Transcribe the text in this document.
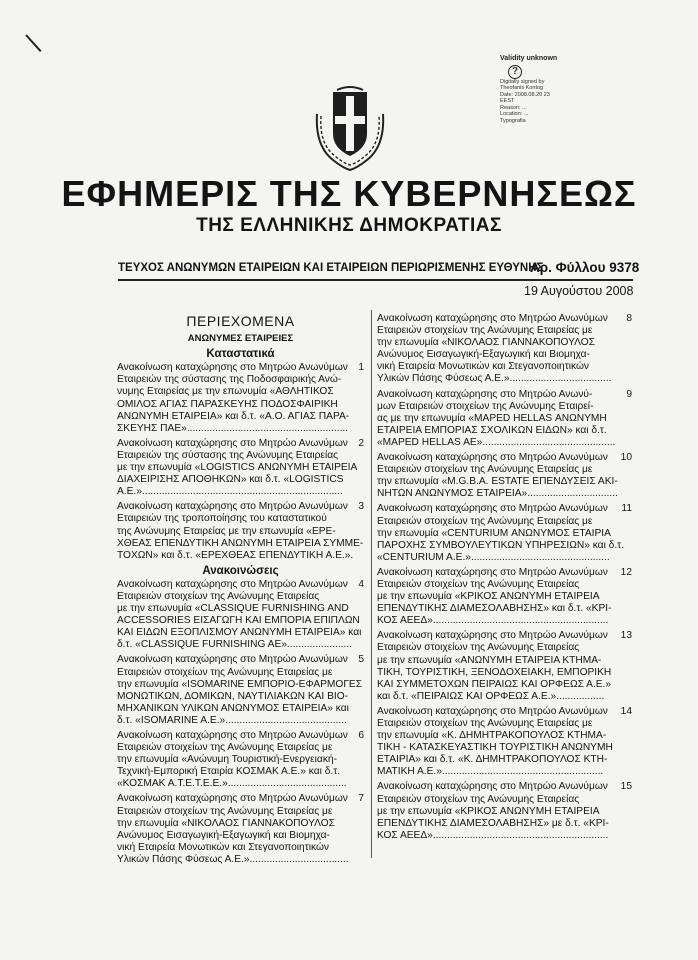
Validity unknown
?
Digitally signed by
Theofanis Kontog
Date: 2008.08.20 23
EEST
Reason: ...
Location: ...
Typografia
ΕΦΗΜΕΡΙΣ ΤΗΣ ΚΥΒΕΡΝΗΣΕΩΣ
ΤΗΣ ΕΛΛΗΝΙΚΗΣ ΔΗΜΟΚΡΑΤΙΑΣ
ΤΕΥΧΟΣ ΑΝΩΝΥΜΩΝ ΕΤΑΙΡΕΙΩΝ ΚΑΙ ΕΤΑΙΡΕΙΩΝ ΠΕΡΙΩΡΙΣΜΕΝΗΣ ΕΥΘΥΝΗΣ
Αρ. Φύλλου 9378
19 Αυγούστου 2008
ΠΕΡΙΕΧΟΜΕΝΑ
ΑΝΩΝΥΜΕΣ ΕΤΑΙΡΕΙΕΣ
Καταστατικά
1
Ανακοίνωση καταχώρησης στο Μητρώο Ανωνύμων
Εταιρειών της σύστασης της Ποδοσφαιρικής Ανώ-
νυμης Εταιρείας με την επωνυμία «ΑΘΛΗΤΙΚΟΣ
ΟΜΙΛΟΣ ΑΓΙΑΣ ΠΑΡΑΣΚΕΥΗΣ ΠΟΔΟΣΦΑΙΡΙΚΗ
ΑΝΩΝΥΜΗ ΕΤΑΙΡΕΙΑ» και δ.τ. «Α.Ο. ΑΓΙΑΣ ΠΑΡΑ-
ΣΚΕΥΗΣ ΠΑΕ».........................................................
2
Ανακοίνωση καταχώρησης στο Μητρώο Ανωνύμων
Εταιρειών της σύστασης της Ανώνυμης Εταιρείας
με την επωνυμία «LOGISTICS ΑΝΩΝΥΜΗ ΕΤΑΙΡΕΙΑ
ΔΙΑΧΕΙΡΙΣΗΣ ΑΠΟΘΗΚΩΝ» και δ.τ. «LOGISTICS
Α.Ε.».......................................................................
3
Ανακοίνωση καταχώρησης στο Μητρώο Ανωνύμων
Εταιρειών της τροποποίησης του καταστατικού
της Ανώνυμης Εταιρείας με την επωνυμία «ΕΡΕ-
ΧΘΕΑΣ ΕΠΕΝΔΥΤΙΚΗ ΑΝΩΝΥΜΗ ΕΤΑΙΡΕΙΑ ΣΥΜΜΕ-
ΤΟΧΩΝ» και δ.τ. «ΕΡΕΧΘΕΑΣ ΕΠΕΝΔΥΤΙΚΗ Α.Ε.».
Ανακοινώσεις
4
Ανακοίνωση καταχώρησης στο Μητρώο Ανωνύμων
Εταιρειών στοιχείων της Ανώνυμης Εταιρείας
με την επωνυμία «CLASSIQUE FURNISHING AND
ACCESSORIES ΕΙΣΑΓΩΓΗ ΚΑΙ ΕΜΠΟΡΙΑ ΕΠΙΠΛΩΝ
ΚΑΙ ΕΙΔΩΝ ΕΞΟΠΛΙΣΜΟΥ ΑΝΩΝΥΜΗ ΕΤΑΙΡΕΙΑ» και
δ.τ. «CLASSIQUE FURNISHING AE».......................
5
Ανακοίνωση καταχώρησης στο Μητρώο Ανωνύμων
Εταιρειών στοιχείων της Ανώνυμης Εταιρείας με
την επωνυμία «ISOMARINE ΕΜΠΟΡΙΟ-ΕΦΑΡΜΟΓΕΣ
ΜΟΝΩΤΙΚΩΝ, ΔΟΜΙΚΩΝ, ΝΑΥΤΙΛΙΑΚΩΝ ΚΑΙ ΒΙΟ-
ΜΗΧΑΝΙΚΩΝ ΥΛΙΚΩΝ ΑΝΩΝΥΜΟΣ ΕΤΑΙΡΕΙΑ» και
δ.τ. «ISOMARINE A.E.»...........................................
6
Ανακοίνωση καταχώρησης στο Μητρώο Ανωνύμων
Εταιρειών στοιχείων της Ανώνυμης Εταιρείας με
την επωνυμία «Ανώνυμη Τουριστική-Ενεργειακή-
Τεχνική-Εμπορική Εταιρία ΚΟΣΜΑΚ Α.Ε.» και δ.τ.
«ΚΟΣΜΑΚ Α.Τ.Ε.Τ.Ε.Ε.»..........................................
7
Ανακοίνωση καταχώρησης στο Μητρώο Ανωνύμων
Εταιρειών στοιχείων της Ανώνυμης Εταιρείας με
την επωνυμία «ΝΙΚΟΛΑΟΣ ΓΙΑΝΝΑΚΟΠΟΥΛΟΣ
Ανώνυμος Εισαγωγική-Εξαγωγική και Βιομηχα-
νική Εταιρεία Μονωτικών και Στεγανοποιητικών
Υλικών Πάσης Φύσεως Α.Ε.»...................................
8
Ανακοίνωση καταχώρησης στο Μητρώο Ανωνύμων
Εταιρειών στοιχείων της Ανώνυμης Εταιρείας με
την επωνυμία «ΝΙΚΟΛΑΟΣ ΓΙΑΝΝΑΚΟΠΟΥΛΟΣ
Ανώνυμος Εισαγωγική-Εξαγωγική και Βιομηχα-
νική Εταιρεία Μονωτικών και Στεγανοποιητικών
Υλικών Πάσης Φύσεως Α.Ε.»....................................
9
Ανακοίνωση καταχώρησης στο Μητρώο Ανωνύ-
μων Εταιρειών στοιχείων της Ανώνυμης Εταιρεί-
ας με την επωνυμία «MAPED HELLAS ΑΝΩΝΥΜΗ
ΕΤΑΙΡΕΙΑ ΕΜΠΟΡΙΑΣ ΣΧΟΛΙΚΩΝ ΕΙΔΩΝ» και δ.τ.
«MAPED HELLAS AE»...............................................
10
Ανακοίνωση καταχώρησης στο Μητρώο Ανωνύμων
Εταιρειών στοιχείων της Ανώνυμης Εταιρείας με
την επωνυμία «M.G.B.A. ESTATE ΕΠΕΝΔΥΣΕΙΣ ΑΚΙ-
ΝΗΤΩΝ ΑΝΩΝΥΜΟΣ ΕΤΑΙΡΕΙΑ»................................
11
Ανακοίνωση καταχώρησης στο Μητρώο Ανωνύμων
Εταιρειών στοιχείων της Ανώνυμης Εταιρείας με
την επωνυμία «CENTURIUM ΑΝΩΝΥΜΟΣ ΕΤΑΙΡΙΑ
ΠΑΡΟΧΗΣ ΣΥΜΒΟΥΛΕΥΤΙΚΩΝ ΥΠΗΡΕΣΙΩΝ» και δ.τ.
«CENTURIUM A.E.».................................................
12
Ανακοίνωση καταχώρησης στο Μητρώο Ανωνύμων
Εταιρειών στοιχείων της Ανώνυμης Εταιρείας
με την επωνυμία «ΚΡΙΚΟΣ ΑΝΩΝΥΜΗ ΕΤΑΙΡΕΙΑ
ΕΠΕΝΔΥΤΙΚΗΣ ΔΙΑΜΕΣΟΛΑΒΗΣΗΣ» και δ.τ. «ΚΡΙ-
ΚΟΣ ΑΕΕΔ»..............................................................
13
Ανακοίνωση καταχώρησης στο Μητρώο Ανωνύμων
Εταιρειών στοιχείων της Ανώνυμης Εταιρείας
με την επωνυμία «ΑΝΩΝΥΜΗ ΕΤΑΙΡΕΙΑ ΚΤΗΜΑ-
ΤΙΚΗ, ΤΟΥΡΙΣΤΙΚΗ, ΞΕΝΟΔΟΧΕΙΑΚΗ, ΕΜΠΟΡΙΚΗ
ΚΑΙ ΣΥΜΜΕΤΟΧΩΝ ΠΕΙΡΑΙΩΣ ΚΑΙ ΟΡΦΕΩΣ Α.Ε.»
και δ.τ. «ΠΕΙΡΑΙΩΣ ΚΑΙ ΟΡΦΕΩΣ Α.Ε.».................
14
Ανακοίνωση καταχώρησης στο Μητρώο Ανωνύμων
Εταιρειών στοιχείων της Ανώνυμης Εταιρείας με
την επωνυμία «Κ. ΔΗΜΗΤΡΑΚΟΠΟΥΛΟΣ ΚΤΗΜΑ-
ΤΙΚΗ - ΚΑΤΑΣΚΕΥΑΣΤΙΚΗ ΤΟΥΡΙΣΤΙΚΗ ΑΝΩΝΥΜΗ
ΕΤΑΙΡΙΑ» και δ.τ. «Κ. ΔΗΜΗΤΡΑΚΟΠΟΥΛΟΣ ΚΤΗ-
ΜΑΤΙΚΗ Α.Ε.».........................................................
15
Ανακοίνωση καταχώρησης στο Μητρώο Ανωνύμων
Εταιρειών στοιχείων της Ανώνυμης Εταιρείας
με την επωνυμία «ΚΡΙΚΟΣ ΑΝΩΝΥΜΗ ΕΤΑΙΡΕΙΑ
ΕΠΕΝΔΥΤΙΚΗΣ ΔΙΑΜΕΣΟΛΑΒΗΣΗΣ» με δ.τ. «ΚΡΙ-
ΚΟΣ ΑΕΕΔ»..............................................................
